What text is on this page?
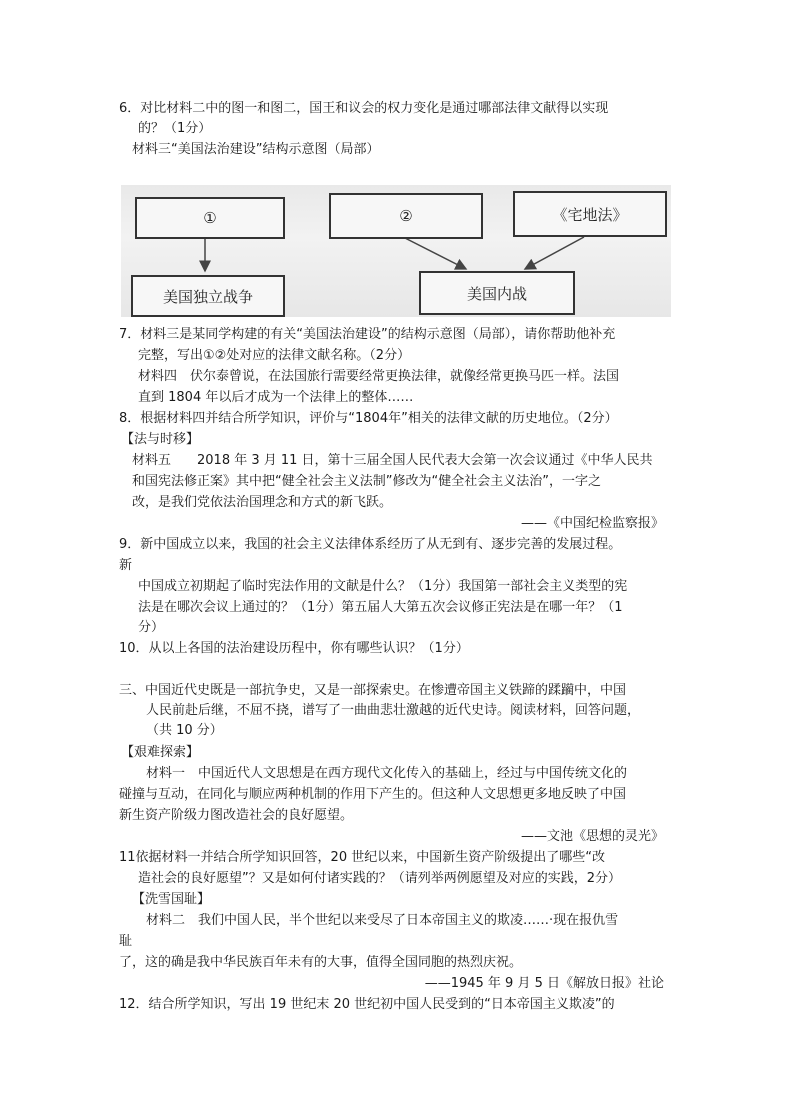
6．对比材料二中的图一和图二，国王和议会的权力变化是通过哪部法律文献得以实现
的？（1分）
材料三“美国法治建设”结构示意图（局部）
①	②	《宅地法》
美国独立战争	美国内战
7．材料三是某同学构建的有关“美国法治建设”的结构示意图（局部），请你帮助他补充
完整，写出①②处对应的法律文献名称。（2分）
材料四　伏尔泰曾说，在法国旅行需要经常更换法律，就像经常更换马匹一样。法国
直到 1804 年以后才成为一个法律上的整体……
8．根据材料四并结合所学知识，评价与“1804年”相关的法律文献的历史地位。（2分）
【法与时移】
材料五　　2018 年 3 月 11 日，第十三届全国人民代表大会第一次会议通过《中华人民共
和国宪法修正案》其中把“健全社会主义法制”修改为“健全社会主义法治”，一字之
改，是我们党依法治国理念和方式的新飞跃。
——《中国纪检监察报》
9．新中国成立以来，我国的社会主义法律体系经历了从无到有、逐步完善的发展过程。
新
中国成立初期起了临时宪法作用的文献是什么？（1分）我国第一部社会主义类型的宪
法是在哪次会议上通过的？（1分）第五届人大第五次会议修正宪法是在哪一年？（1
分）
10．从以上各国的法治建设历程中，你有哪些认识？（1分）
三、中国近代史既是一部抗争史，又是一部探索史。在惨遭帝国主义铁蹄的蹂躏中，中国
人民前赴后继，不屈不挠，谱写了一曲曲悲壮激越的近代史诗。阅读材料，回答问题，
（共 10 分）
【艰难探索】
材料一　中国近代人文思想是在西方现代文化传入的基础上，经过与中国传统文化的
碰撞与互动，在同化与顺应两种机制的作用下产生的。但这种人文思想更多地反映了中国
新生资产阶级力图改造社会的良好愿望。
——文池《思想的灵光》
11依据材料一并结合所学知识回答，20 世纪以来，中国新生资产阶级提出了哪些“改
造社会的良好愿望”？又是如何付诸实践的？（请列举两例愿望及对应的实践，2分）
【洗雪国耻】
材料二　我们中国人民，半个世纪以来受尽了日本帝国主义的欺凌……·现在报仇雪
耻
了，这的确是我中华民族百年未有的大事，值得全国同胞的热烈庆祝。
——1945 年 9 月 5 日《解放日报》社论
12．结合所学知识，写出 19 世纪末 20 世纪初中国人民受到的“日本帝国主义欺凌”的
